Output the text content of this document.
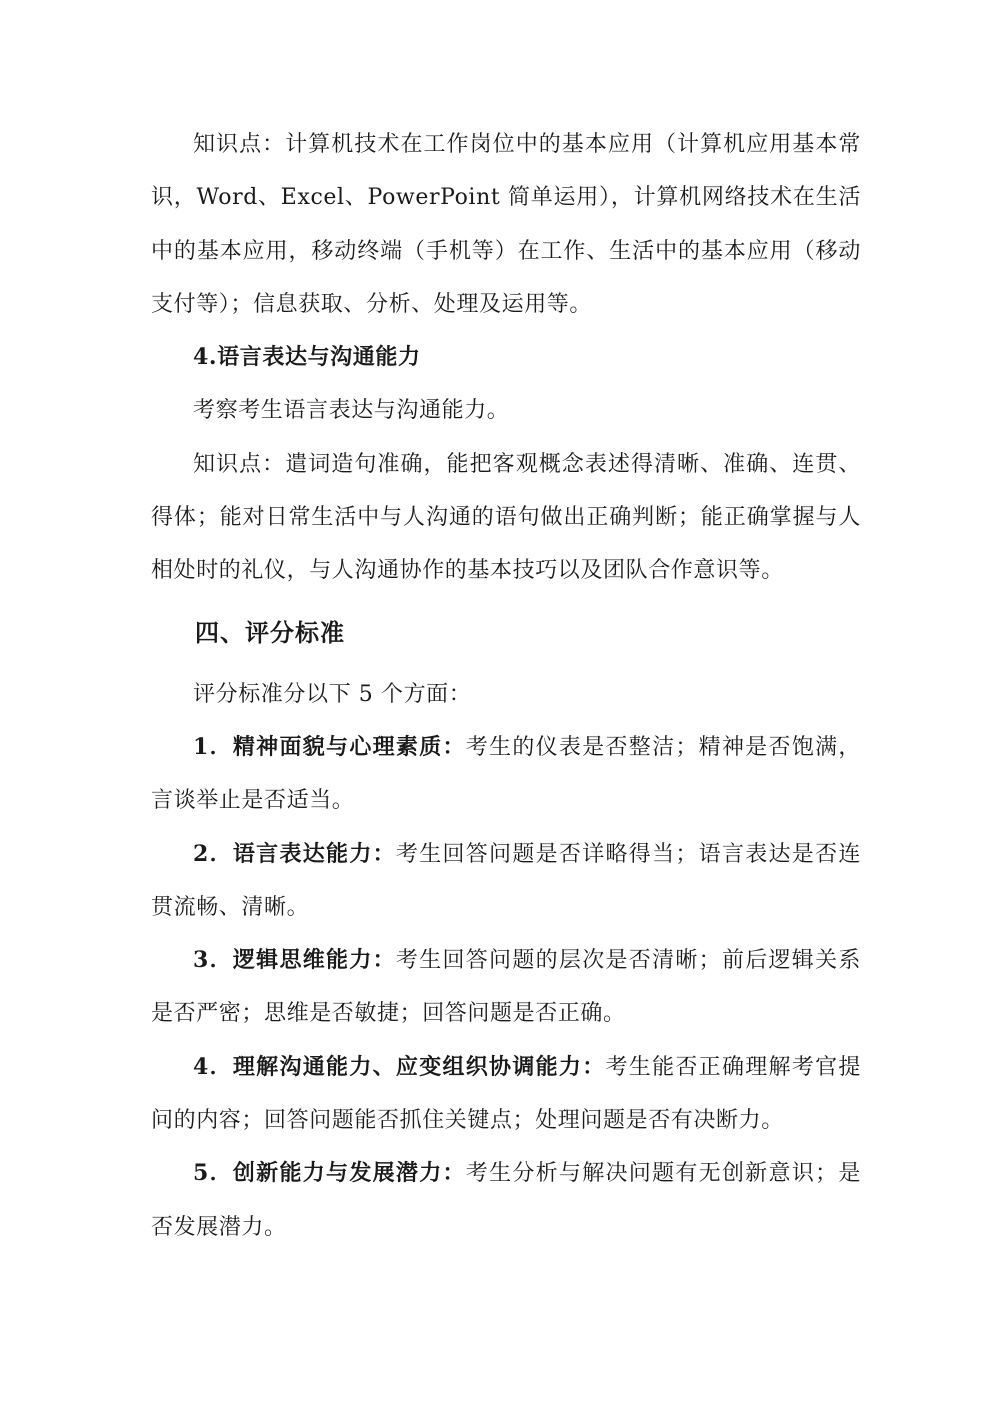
知识点：计算机技术在工作岗位中的基本应用（计算机应用基本常识，Word、Excel、PowerPoint 简单运用），计算机网络技术在生活中的基本应用，移动终端（手机等）在工作、生活中的基本应用（移动支付等）；信息获取、分析、处理及运用等。

4.语言表达与沟通能力

考察考生语言表达与沟通能力。

知识点：遣词造句准确，能把客观概念表述得清晰、准确、连贯、得体；能对日常生活中与人沟通的语句做出正确判断；能正确掌握与人相处时的礼仪，与人沟通协作的基本技巧以及团队合作意识等。

四、评分标准

评分标准分以下 5 个方面：

1．精神面貌与心理素质：考生的仪表是否整洁；精神是否饱满，言谈举止是否适当。

2．语言表达能力：考生回答问题是否详略得当；语言表达是否连贯流畅、清晰。

3．逻辑思维能力：考生回答问题的层次是否清晰；前后逻辑关系是否严密；思维是否敏捷；回答问题是否正确。

4．理解沟通能力、应变组织协调能力：考生能否正确理解考官提问的内容；回答问题能否抓住关键点；处理问题是否有决断力。

5．创新能力与发展潜力：考生分析与解决问题有无创新意识；是否发展潜力。
